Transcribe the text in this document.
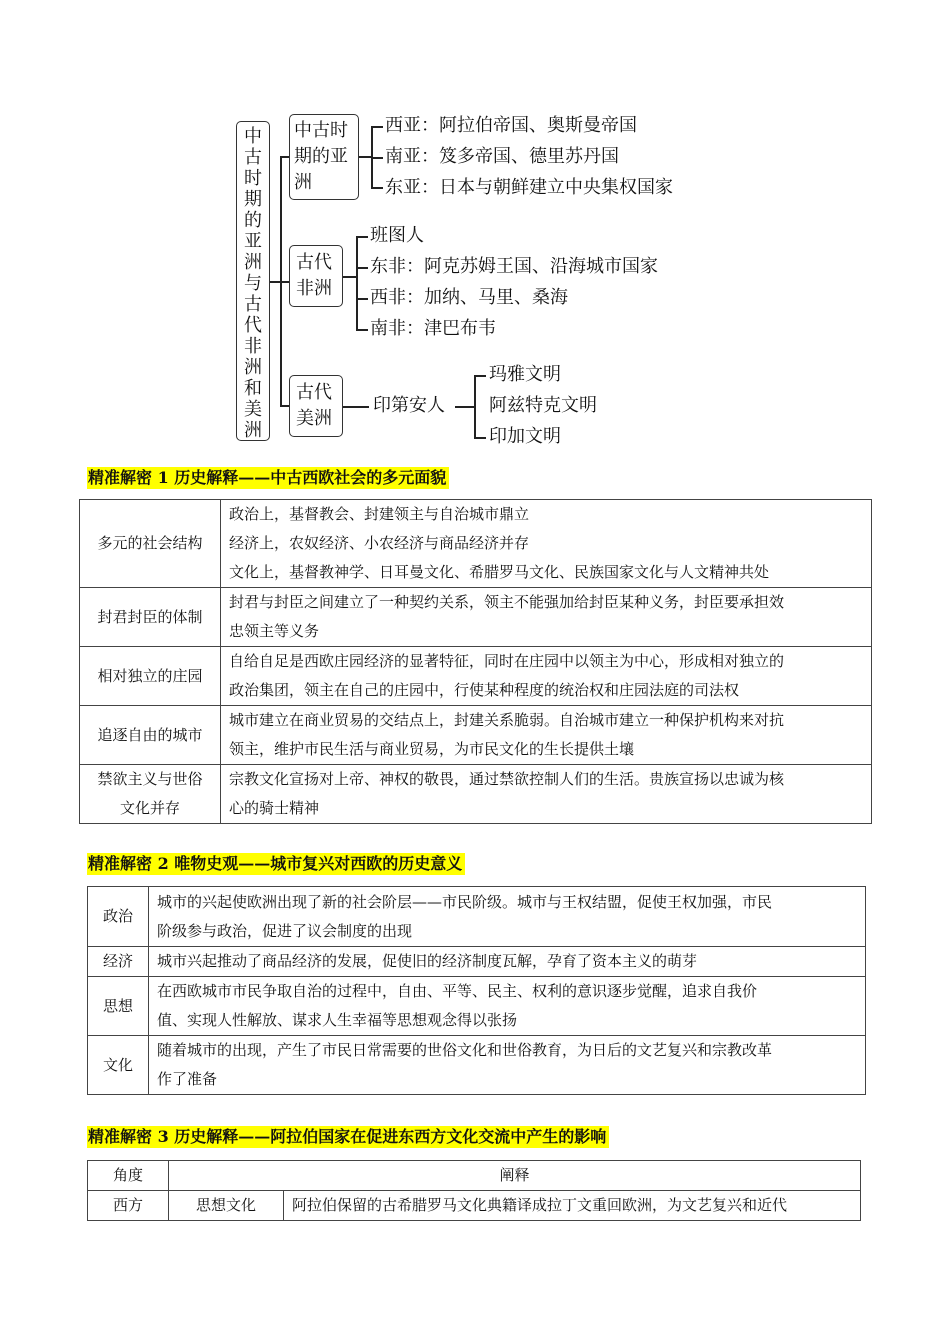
中古时期的亚洲与古代非洲和美洲
中古时期的亚洲
西亚：阿拉伯帝国、奥斯曼帝国
南亚：笈多帝国、德里苏丹国
东亚：日本与朝鲜建立中央集权国家
古代非洲
班图人
东非：阿克苏姆王国、沿海城市国家
西非：加纳、马里、桑海
南非：津巴布韦
古代美洲
印第安人
玛雅文明
阿兹特克文明
印加文明
精准解密 1 历史解释——中古西欧社会的多元面貌
多元的社会结构	政治上，基督教会、封建领主与自治城市鼎立
经济上，农奴经济、小农经济与商品经济并存
文化上，基督教神学、日耳曼文化、希腊罗马文化、民族国家文化与人文精神共处

封君封臣的体制	封君与封臣之间建立了一种契约关系，领主不能强加给封臣某种义务，封臣要承担效
忠领主等义务

相对独立的庄园	自给自足是西欧庄园经济的显著特征，同时在庄园中以领主为中心，形成相对独立的
政治集团，领主在自己的庄园中，行使某种程度的统治权和庄园法庭的司法权

追逐自由的城市	城市建立在商业贸易的交结点上，封建关系脆弱。自治城市建立一种保护机构来对抗
领主，维护市民生活与商业贸易，为市民文化的生长提供土壤

禁欲主义与世俗
文化并存	宗教文化宣扬对上帝、神权的敬畏，通过禁欲控制人们的生活。贵族宣扬以忠诚为核
心的骑士精神
精准解密 2 唯物史观——城市复兴对西欧的历史意义
政治	城市的兴起使欧洲出现了新的社会阶层——市民阶级。城市与王权结盟，促使王权加强，市民
阶级参与政治，促进了议会制度的出现

经济	城市兴起推动了商品经济的发展，促使旧的经济制度瓦解，孕育了资本主义的萌芽

思想	在西欧城市市民争取自治的过程中，自由、平等、民主、权利的意识逐步觉醒，追求自我价
值、实现人性解放、谋求人生幸福等思想观念得以张扬

文化	随着城市的出现，产生了市民日常需要的世俗文化和世俗教育，为日后的文艺复兴和宗教改革
作了准备
精准解密 3 历史解释——阿拉伯国家在促进东西方文化交流中产生的影响
角度	阐释	
西方	思想文化	阿拉伯保留的古希腊罗马文化典籍译成拉丁文重回欧洲，为文艺复兴和近代
